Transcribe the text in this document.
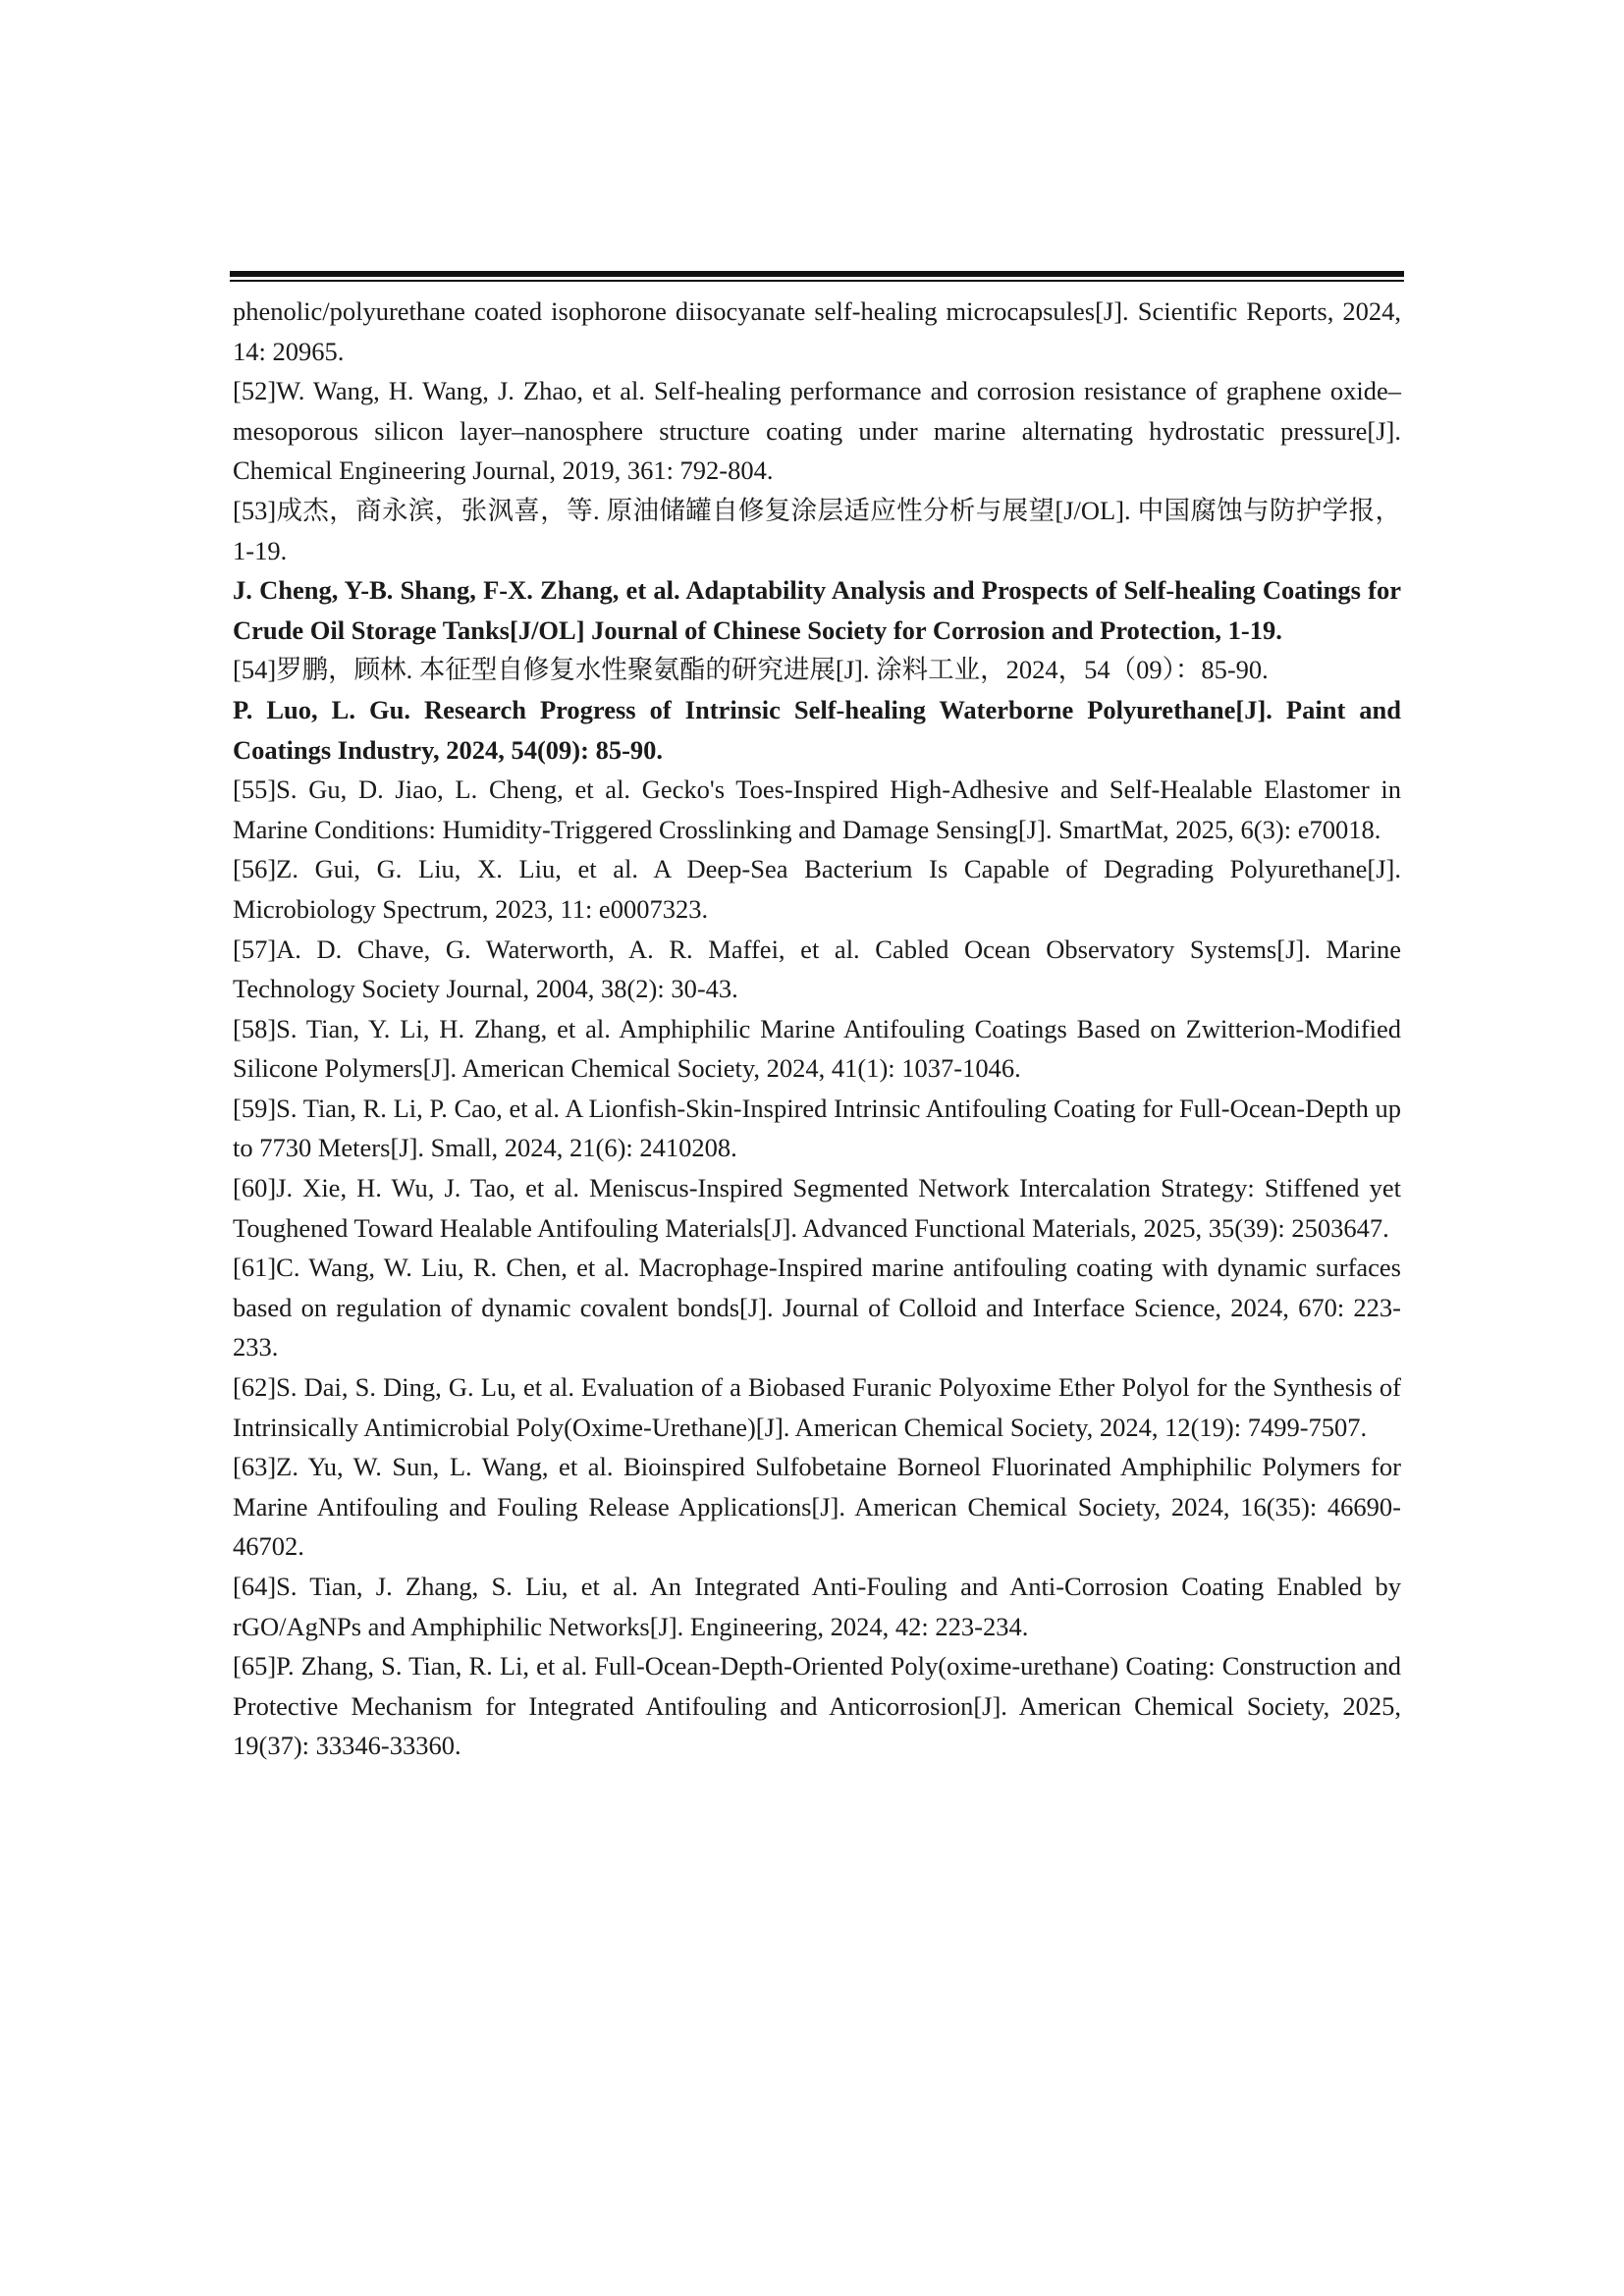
phenolic/polyurethane coated isophorone diisocyanate self-healing microcapsules[J]. Scientific Reports, 2024, 14: 20965.

[52]W. Wang, H. Wang, J. Zhao, et al. Self-healing performance and corrosion resistance of graphene oxide–mesoporous silicon layer–nanosphere structure coating under marine alternating hydrostatic pressure[J]. Chemical Engineering Journal, 2019, 361: 792-804.

[53]成杰，商永滨，张沨喜，等. 原油储罐自修复涂层适应性分析与展望[J/OL]. 中国腐蚀与防护学报，1-19.

J. Cheng, Y-B. Shang, F-X. Zhang, et al. Adaptability Analysis and Prospects of Self-healing Coatings for Crude Oil Storage Tanks[J/OL] Journal of Chinese Society for Corrosion and Protection, 1-19.

[54]罗鹏，顾林. 本征型自修复水性聚氨酯的研究进展[J]. 涂料工业，2024，54（09）：85-90.

P. Luo, L. Gu. Research Progress of Intrinsic Self-healing Waterborne Polyurethane[J]. Paint and Coatings Industry, 2024, 54(09): 85-90.

[55]S. Gu, D. Jiao, L. Cheng, et al. Gecko's Toes-Inspired High-Adhesive and Self-Healable Elastomer in Marine Conditions: Humidity-Triggered Crosslinking and Damage Sensing[J]. SmartMat, 2025, 6(3): e70018.

[56]Z. Gui, G. Liu, X. Liu, et al. A Deep-Sea Bacterium Is Capable of Degrading Polyurethane[J]. Microbiology Spectrum, 2023, 11: e0007323.

[57]A. D. Chave, G. Waterworth, A. R. Maffei, et al. Cabled Ocean Observatory Systems[J]. Marine Technology Society Journal, 2004, 38(2): 30-43.

[58]S. Tian, Y. Li, H. Zhang, et al. Amphiphilic Marine Antifouling Coatings Based on Zwitterion-Modified Silicone Polymers[J]. American Chemical Society, 2024, 41(1): 1037-1046.

[59]S. Tian, R. Li, P. Cao, et al. A Lionfish-Skin-Inspired Intrinsic Antifouling Coating for Full-Ocean-Depth up to 7730 Meters[J]. Small, 2024, 21(6): 2410208.

[60]J. Xie, H. Wu, J. Tao, et al. Meniscus-Inspired Segmented Network Intercalation Strategy: Stiffened yet Toughened Toward Healable Antifouling Materials[J]. Advanced Functional Materials, 2025, 35(39): 2503647.

[61]C. Wang, W. Liu, R. Chen, et al. Macrophage-Inspired marine antifouling coating with dynamic surfaces based on regulation of dynamic covalent bonds[J]. Journal of Colloid and Interface Science, 2024, 670: 223-233.

[62]S. Dai, S. Ding, G. Lu, et al. Evaluation of a Biobased Furanic Polyoxime Ether Polyol for the Synthesis of Intrinsically Antimicrobial Poly(Oxime-Urethane)[J]. American Chemical Society, 2024, 12(19): 7499-7507.

[63]Z. Yu, W. Sun, L. Wang, et al. Bioinspired Sulfobetaine Borneol Fluorinated Amphiphilic Polymers for Marine Antifouling and Fouling Release Applications[J]. American Chemical Society, 2024, 16(35): 46690-46702.

[64]S. Tian, J. Zhang, S. Liu, et al. An Integrated Anti-Fouling and Anti-Corrosion Coating Enabled by rGO/AgNPs and Amphiphilic Networks[J]. Engineering, 2024, 42: 223-234.

[65]P. Zhang, S. Tian, R. Li, et al. Full-Ocean-Depth-Oriented Poly(oxime-urethane) Coating: Construction and Protective Mechanism for Integrated Antifouling and Anticorrosion[J]. American Chemical Society, 2025, 19(37): 33346-33360.
